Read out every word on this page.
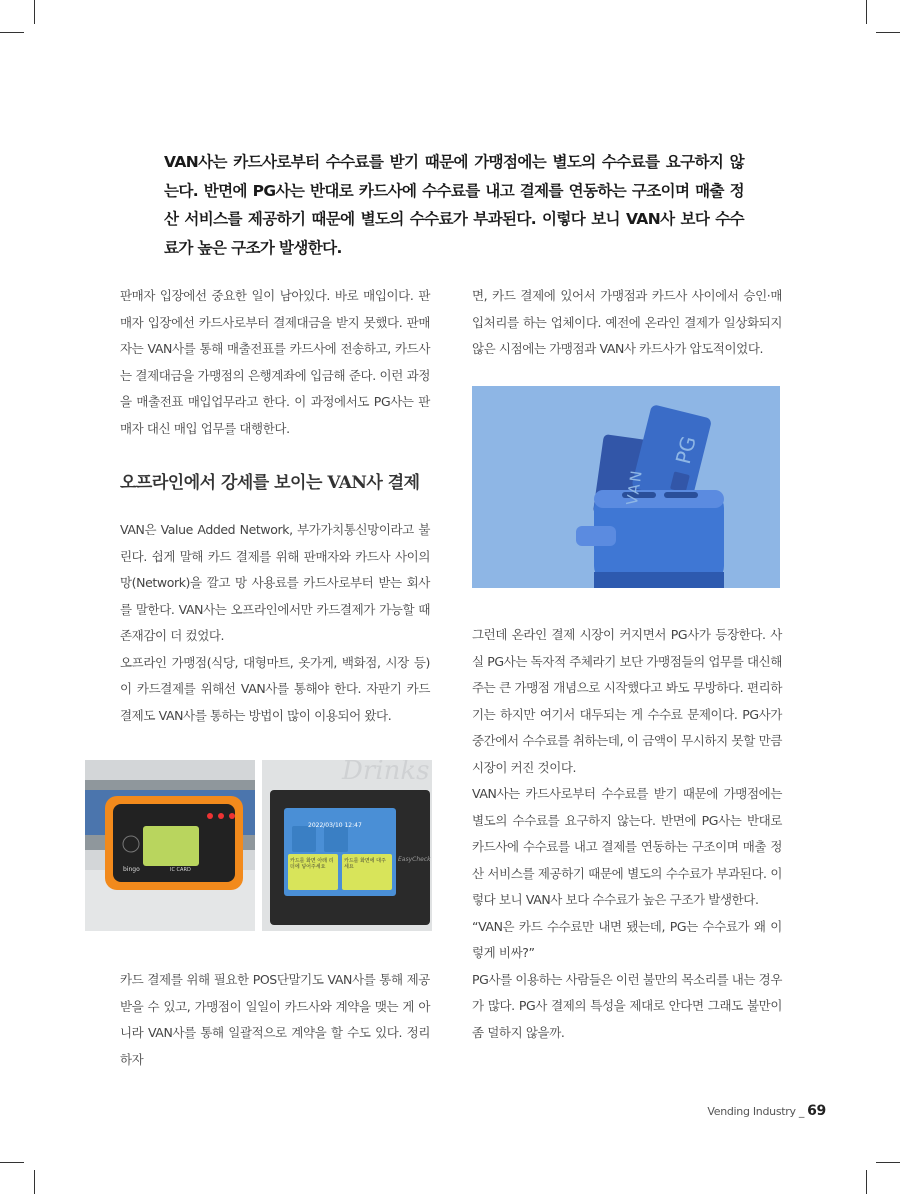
VAN사는 카드사로부터 수수료를 받기 때문에 가맹점에는 별도의 수수료를 요구하지 않는다. 반면에 PG사는 반대로 카드사에 수수료를 내고 결제를 연동하는 구조이며 매출 정산 서비스를 제공하기 때문에 별도의 수수료가 부과된다. 이렇다 보니 VAN사 보다 수수료가 높은 구조가 발생한다.

판매자 입장에선 중요한 일이 남아있다. 바로 매입이다. 판매자 입장에선 카드사로부터 결제대금을 받지 못했다. 판매자는 VAN사를 통해 매출전표를 카드사에 전송하고, 카드사는 결제대금을 가맹점의 은행계좌에 입금해 준다. 이런 과정을 매출전표 매입업무라고 한다. 이 과정에서도 PG사는 판매자 대신 매입 업무를 대행한다.

오프라인에서 강세를 보이는 VAN사 결제

VAN은 Value Added Network, 부가가치통신망이라고 불린다. 쉽게 말해 카드 결제를 위해 판매자와 카드사 사이의 망(Network)을 깔고 망 사용료를 카드사로부터 받는 회사를 말한다. VAN사는 오프라인에서만 카드결제가 가능할 때 존재감이 더 컸었다.

오프라인 가맹점(식당, 대형마트, 옷가게, 백화점, 시장 등)이 카드결제를 위해선 VAN사를 통해야 한다. 자판기 카드 결제도 VAN사를 통하는 방법이 많이 이용되어 왔다.

bingo	IC CARD
Drinks
2022/03/10 12:47
EasyCheck
카드를 화면 아래 리더에 넣어주세요
카드를 화면에 대주세요

카드 결제를 위해 필요한 POS단말기도 VAN사를 통해 제공받을 수 있고, 가맹점이 일일이 카드사와 계약을 맺는 게 아니라 VAN사를 통해 일괄적으로 계약을 할 수도 있다. 정리하자

면, 카드 결제에 있어서 가맹점과 카드사 사이에서 승인·매입처리를 하는 업체이다. 예전에 온라인 결제가 일상화되지 않은 시점에는 가맹점과 VAN사 카드사가 압도적이었다.

VAN
PG

그런데 온라인 결제 시장이 커지면서 PG사가 등장한다. 사실 PG사는 독자적 주체라기 보단 가맹점들의 업무를 대신해주는 큰 가맹점 개념으로 시작했다고 봐도 무방하다. 편리하기는 하지만 여기서 대두되는 게 수수료 문제이다. PG사가 중간에서 수수료를 취하는데, 이 금액이 무시하지 못할 만큼 시장이 커진 것이다.

VAN사는 카드사로부터 수수료를 받기 때문에 가맹점에는 별도의 수수료를 요구하지 않는다. 반면에 PG사는 반대로 카드사에 수수료를 내고 결제를 연동하는 구조이며 매출 정산 서비스를 제공하기 때문에 별도의 수수료가 부과된다. 이렇다 보니 VAN사 보다 수수료가 높은 구조가 발생한다.

“VAN은 카드 수수료만 내면 됐는데, PG는 수수료가 왜 이렇게 비싸?”

PG사를 이용하는 사람들은 이런 불만의 목소리를 내는 경우가 많다. PG사 결제의 특성을 제대로 안다면 그래도 불만이 좀 덜하지 않을까.

Vending Industry _ 69
